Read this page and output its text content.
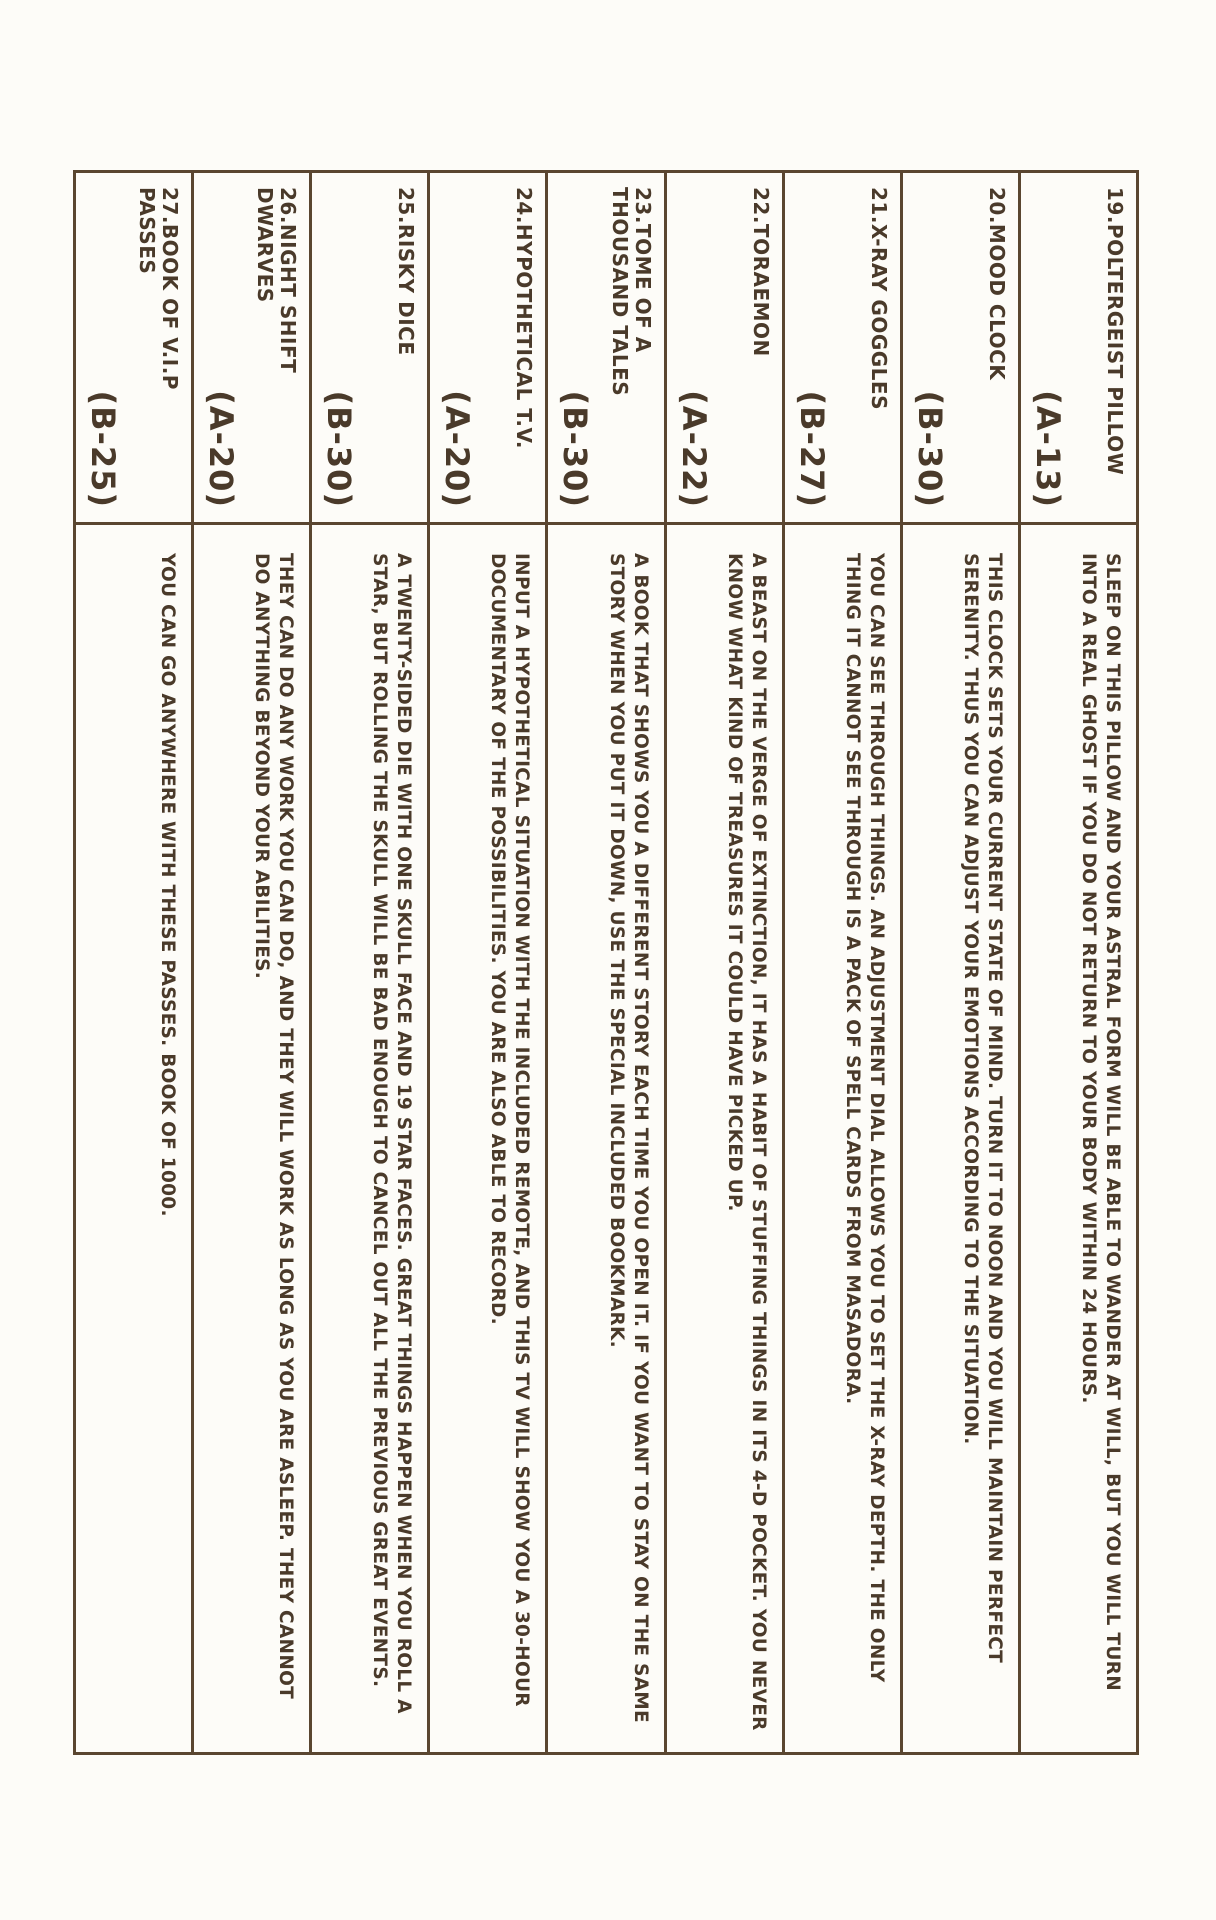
19.POLTERGEIST PILLOW
(A-13)
SLEEP ON THIS PILLOW AND YOUR ASTRAL FORM WILL BE ABLE TO WANDER AT WILL, BUT YOU WILL TURN INTO A REAL GHOST IF YOU DO NOT RETURN TO YOUR BODY WITHIN 24 HOURS.
20.MOOD CLOCK
(B-30)
THIS CLOCK SETS YOUR CURRENT STATE OF MIND. TURN IT TO NOON AND YOU WILL MAINTAIN PERFECT SERENITY. THUS YOU CAN ADJUST YOUR EMOTIONS ACCORDING TO THE SITUATION.
21.X-RAY GOGGLES
(B-27)
YOU CAN SEE THROUGH THINGS. AN ADJUSTMENT DIAL ALLOWS YOU TO SET THE X-RAY DEPTH. THE ONLY THING IT CANNOT SEE THROUGH IS A PACK OF SPELL CARDS FROM MASADORA.
22.TORAEMON
(A-22)
A BEAST ON THE VERGE OF EXTINCTION, IT HAS A HABIT OF STUFFING THINGS IN ITS 4-D POCKET. YOU NEVER KNOW WHAT KIND OF TREASURES IT COULD HAVE PICKED UP.
23.TOME OF A
THOUSAND TALES
(B-30)
A BOOK THAT SHOWS YOU A DIFFERENT STORY EACH TIME YOU OPEN IT. IF YOU WANT TO STAY ON THE SAME STORY WHEN YOU PUT IT DOWN, USE THE SPECIAL INCLUDED BOOKMARK.
24.HYPOTHETICAL T.V.
(A-20)
INPUT A HYPOTHETICAL SITUATION WITH THE INCLUDED REMOTE, AND THIS TV WILL SHOW YOU A 30-HOUR DOCUMENTARY OF THE POSSIBILITIES. YOU ARE ALSO ABLE TO RECORD.
25.RISKY DICE
(B-30)
A TWENTY-SIDED DIE WITH ONE SKULL FACE AND 19 STAR FACES. GREAT THINGS HAPPEN WHEN YOU ROLL A STAR, BUT ROLLING THE SKULL WILL BE BAD ENOUGH TO CANCEL OUT ALL THE PREVIOUS GREAT EVENTS.
26.NIGHT SHIFT
DWARVES
(A-20)
THEY CAN DO ANY WORK YOU CAN DO, AND THEY WILL WORK AS LONG AS YOU ARE ASLEEP. THEY CANNOT DO ANYTHING BEYOND YOUR ABILITIES.
27.BOOK OF V.I.P
PASSES
(B-25)
YOU CAN GO ANYWHERE WITH THESE PASSES. BOOK OF 1000.
